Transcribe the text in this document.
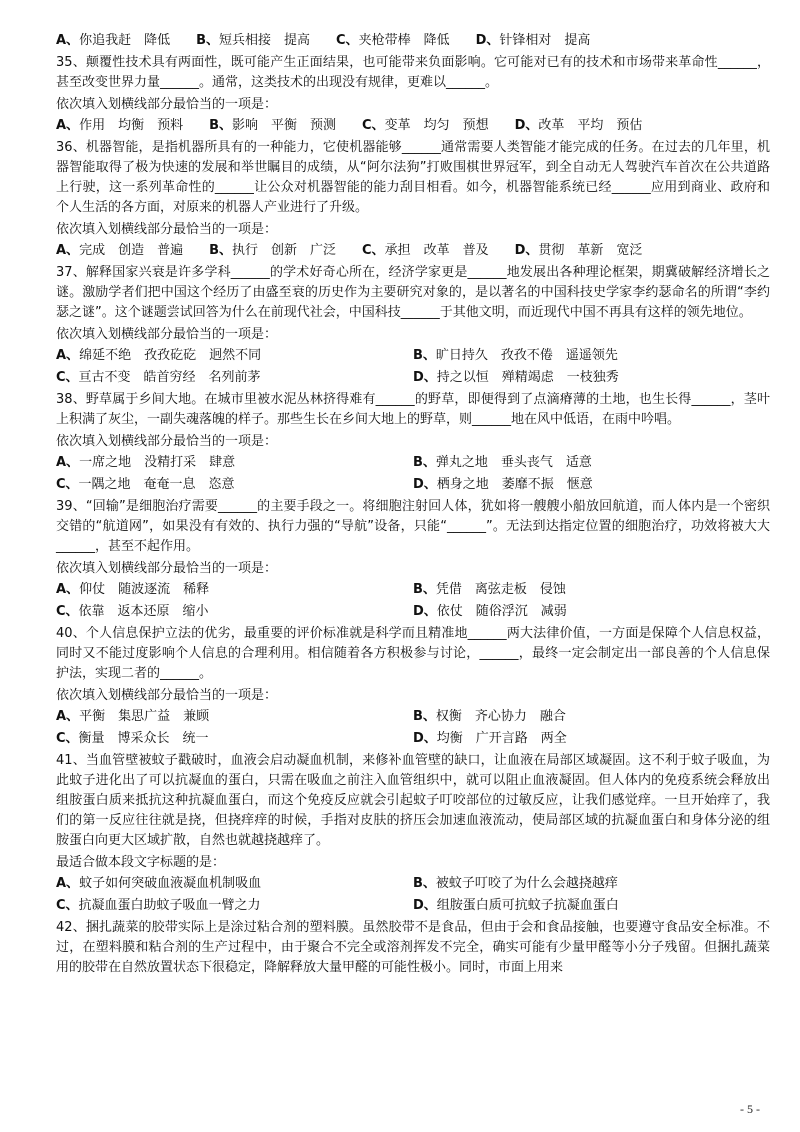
A、你追我赶　降低 B、短兵相接　提高 C、夹枪带棒　降低 D、针锋相对　提高

35、颠覆性技术具有两面性，既可能产生正面结果，也可能带来负面影响。它可能对已有的技术和市场带来革命性______，甚至改变世界力量______。通常，这类技术的出现没有规律，更难以______。

依次填入划横线部分最恰当的一项是：
A、作用　均衡　预料 B、影响　平衡　预测 C、变革　均匀　预想 D、改革　平均　预估

36、机器智能，是指机器所具有的一种能力，它使机器能够______通常需要人类智能才能完成的任务。在过去的几年里，机器智能取得了极为快速的发展和举世瞩目的成绩，从“阿尔法狗”打败围棋世界冠军，到全自动无人驾驶汽车首次在公共道路上行驶，这一系列革命性的______让公众对机器智能的能力刮目相看。如今，机器智能系统已经______应用到商业、政府和个人生活的各方面，对原来的机器人产业进行了升级。

依次填入划横线部分最恰当的一项是：
A、完成　创造　普遍 B、执行　创新　广泛 C、承担　改革　普及 D、贯彻　革新　宽泛

37、解释国家兴衰是许多学科______的学术好奇心所在，经济学家更是______地发展出各种理论框架，期冀破解经济增长之谜。激励学者们把中国这个经历了由盛至衰的历史作为主要研究对象的，是以著名的中国科技史学家李约瑟命名的所谓“李约瑟之谜”。这个谜题尝试回答为什么在前现代社会，中国科技______于其他文明，而近现代中国不再具有这样的领先地位。

依次填入划横线部分最恰当的一项是：
A、绵延不绝　孜孜矻矻　迥然不同	B、旷日持久　孜孜不倦　遥遥领先
C、亘古不变　皓首穷经　名列前茅	D、持之以恒　殚精竭虑　一枝独秀

38、野草属于乡间大地。在城市里被水泥丛林挤得难有______的野草，即便得到了点滴瘠薄的土地，也生长得______，茎叶上积满了灰尘，一副失魂落魄的样子。那些生长在乡间大地上的野草，则______地在风中低语，在雨中吟唱。

依次填入划横线部分最恰当的一项是：
A、一席之地　没精打采　肆意	B、弹丸之地　垂头丧气　适意
C、一隅之地　奄奄一息　恣意	D、栖身之地　萎靡不振　惬意

39、“回输”是细胞治疗需要______的主要手段之一。将细胞注射回人体，犹如将一艘艘小船放回航道，而人体内是一个密织交错的“航道网”，如果没有有效的、执行力强的“导航”设备，只能“______”。无法到达指定位置的细胞治疗，功效将被大大______，甚至不起作用。

依次填入划横线部分最恰当的一项是：
A、仰仗　随波逐流　稀释	B、凭借　离弦走板　侵蚀
C、依靠　返本还原　缩小	D、依仗　随俗浮沉　减弱

40、个人信息保护立法的优劣，最重要的评价标准就是科学而且精准地______两大法律价值，一方面是保障个人信息权益，同时又不能过度影响个人信息的合理利用。相信随着各方积极参与讨论，______，最终一定会制定出一部良善的个人信息保护法，实现二者的______。

依次填入划横线部分最恰当的一项是：
A、平衡　集思广益　兼顾	B、权衡　齐心协力　融合
C、衡量　博采众长　统一	D、均衡　广开言路　两全

41、当血管壁被蚊子戳破时，血液会启动凝血机制，来修补血管壁的缺口，让血液在局部区域凝固。这不利于蚊子吸血，为此蚊子进化出了可以抗凝血的蛋白，只需在吸血之前注入血管组织中，就可以阻止血液凝固。但人体内的免疫系统会释放出组胺蛋白质来抵抗这种抗凝血蛋白，而这个免疫反应就会引起蚊子叮咬部位的过敏反应，让我们感觉痒。一旦开始痒了，我们的第一反应往往就是挠，但挠痒痒的时候，手指对皮肤的挤压会加速血液流动，使局部区域的抗凝血蛋白和身体分泌的组胺蛋白向更大区域扩散，自然也就越挠越痒了。

最适合做本段文字标题的是：
A、蚊子如何突破血液凝血机制吸血	B、被蚊子叮咬了为什么会越挠越痒
C、抗凝血蛋白助蚊子吸血一臂之力	D、组胺蛋白质可抗蚊子抗凝血蛋白

42、捆扎蔬菜的胶带实际上是涂过粘合剂的塑料膜。虽然胶带不是食品，但由于会和食品接触，也要遵守食品安全标准。不过，在塑料膜和粘合剂的生产过程中，由于聚合不完全或溶剂挥发不完全，确实可能有少量甲醛等小分子残留。但捆扎蔬菜用的胶带在自然放置状态下很稳定，降解释放大量甲醛的可能性极小。同时，市面上用来

- 5 -
